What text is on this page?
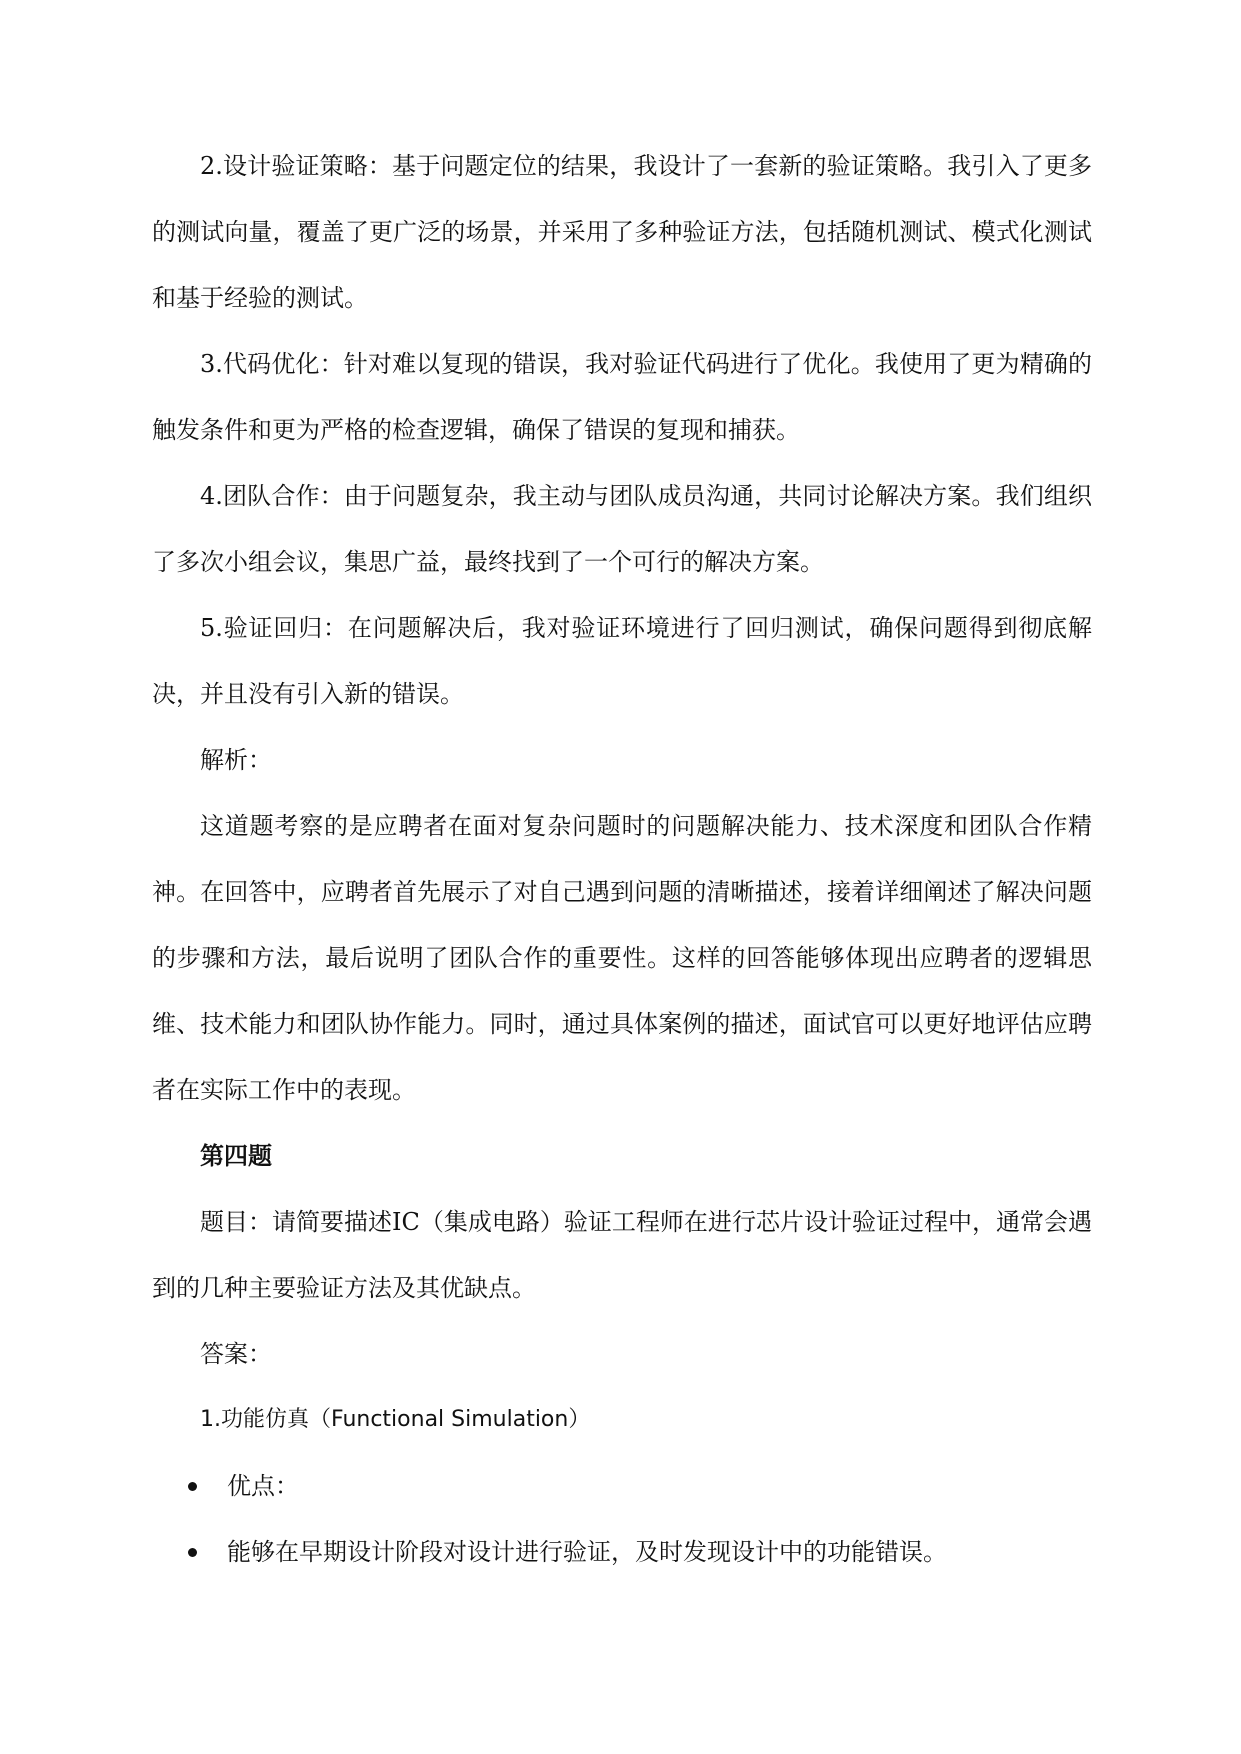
2.设计验证策略：基于问题定位的结果，我设计了一套新的验证策略。我引入了更多的测试向量，覆盖了更广泛的场景，并采用了多种验证方法，包括随机测试、模式化测试和基于经验的测试。

3.代码优化：针对难以复现的错误，我对验证代码进行了优化。我使用了更为精确的触发条件和更为严格的检查逻辑，确保了错误的复现和捕获。

4.团队合作：由于问题复杂，我主动与团队成员沟通，共同讨论解决方案。我们组织了多次小组会议，集思广益，最终找到了一个可行的解决方案。

5.验证回归：在问题解决后，我对验证环境进行了回归测试，确保问题得到彻底解决，并且没有引入新的错误。

解析：

这道题考察的是应聘者在面对复杂问题时的问题解决能力、技术深度和团队合作精神。在回答中，应聘者首先展示了对自己遇到问题的清晰描述，接着详细阐述了解决问题的步骤和方法，最后说明了团队合作的重要性。这样的回答能够体现出应聘者的逻辑思维、技术能力和团队协作能力。同时，通过具体案例的描述，面试官可以更好地评估应聘者在实际工作中的表现。

第四题

题目：请简要描述IC（集成电路）验证工程师在进行芯片设计验证过程中，通常会遇到的几种主要验证方法及其优缺点。

答案：

1.功能仿真（Functional Simulation）

优点：
能够在早期设计阶段对设计进行验证，及时发现设计中的功能错误。
